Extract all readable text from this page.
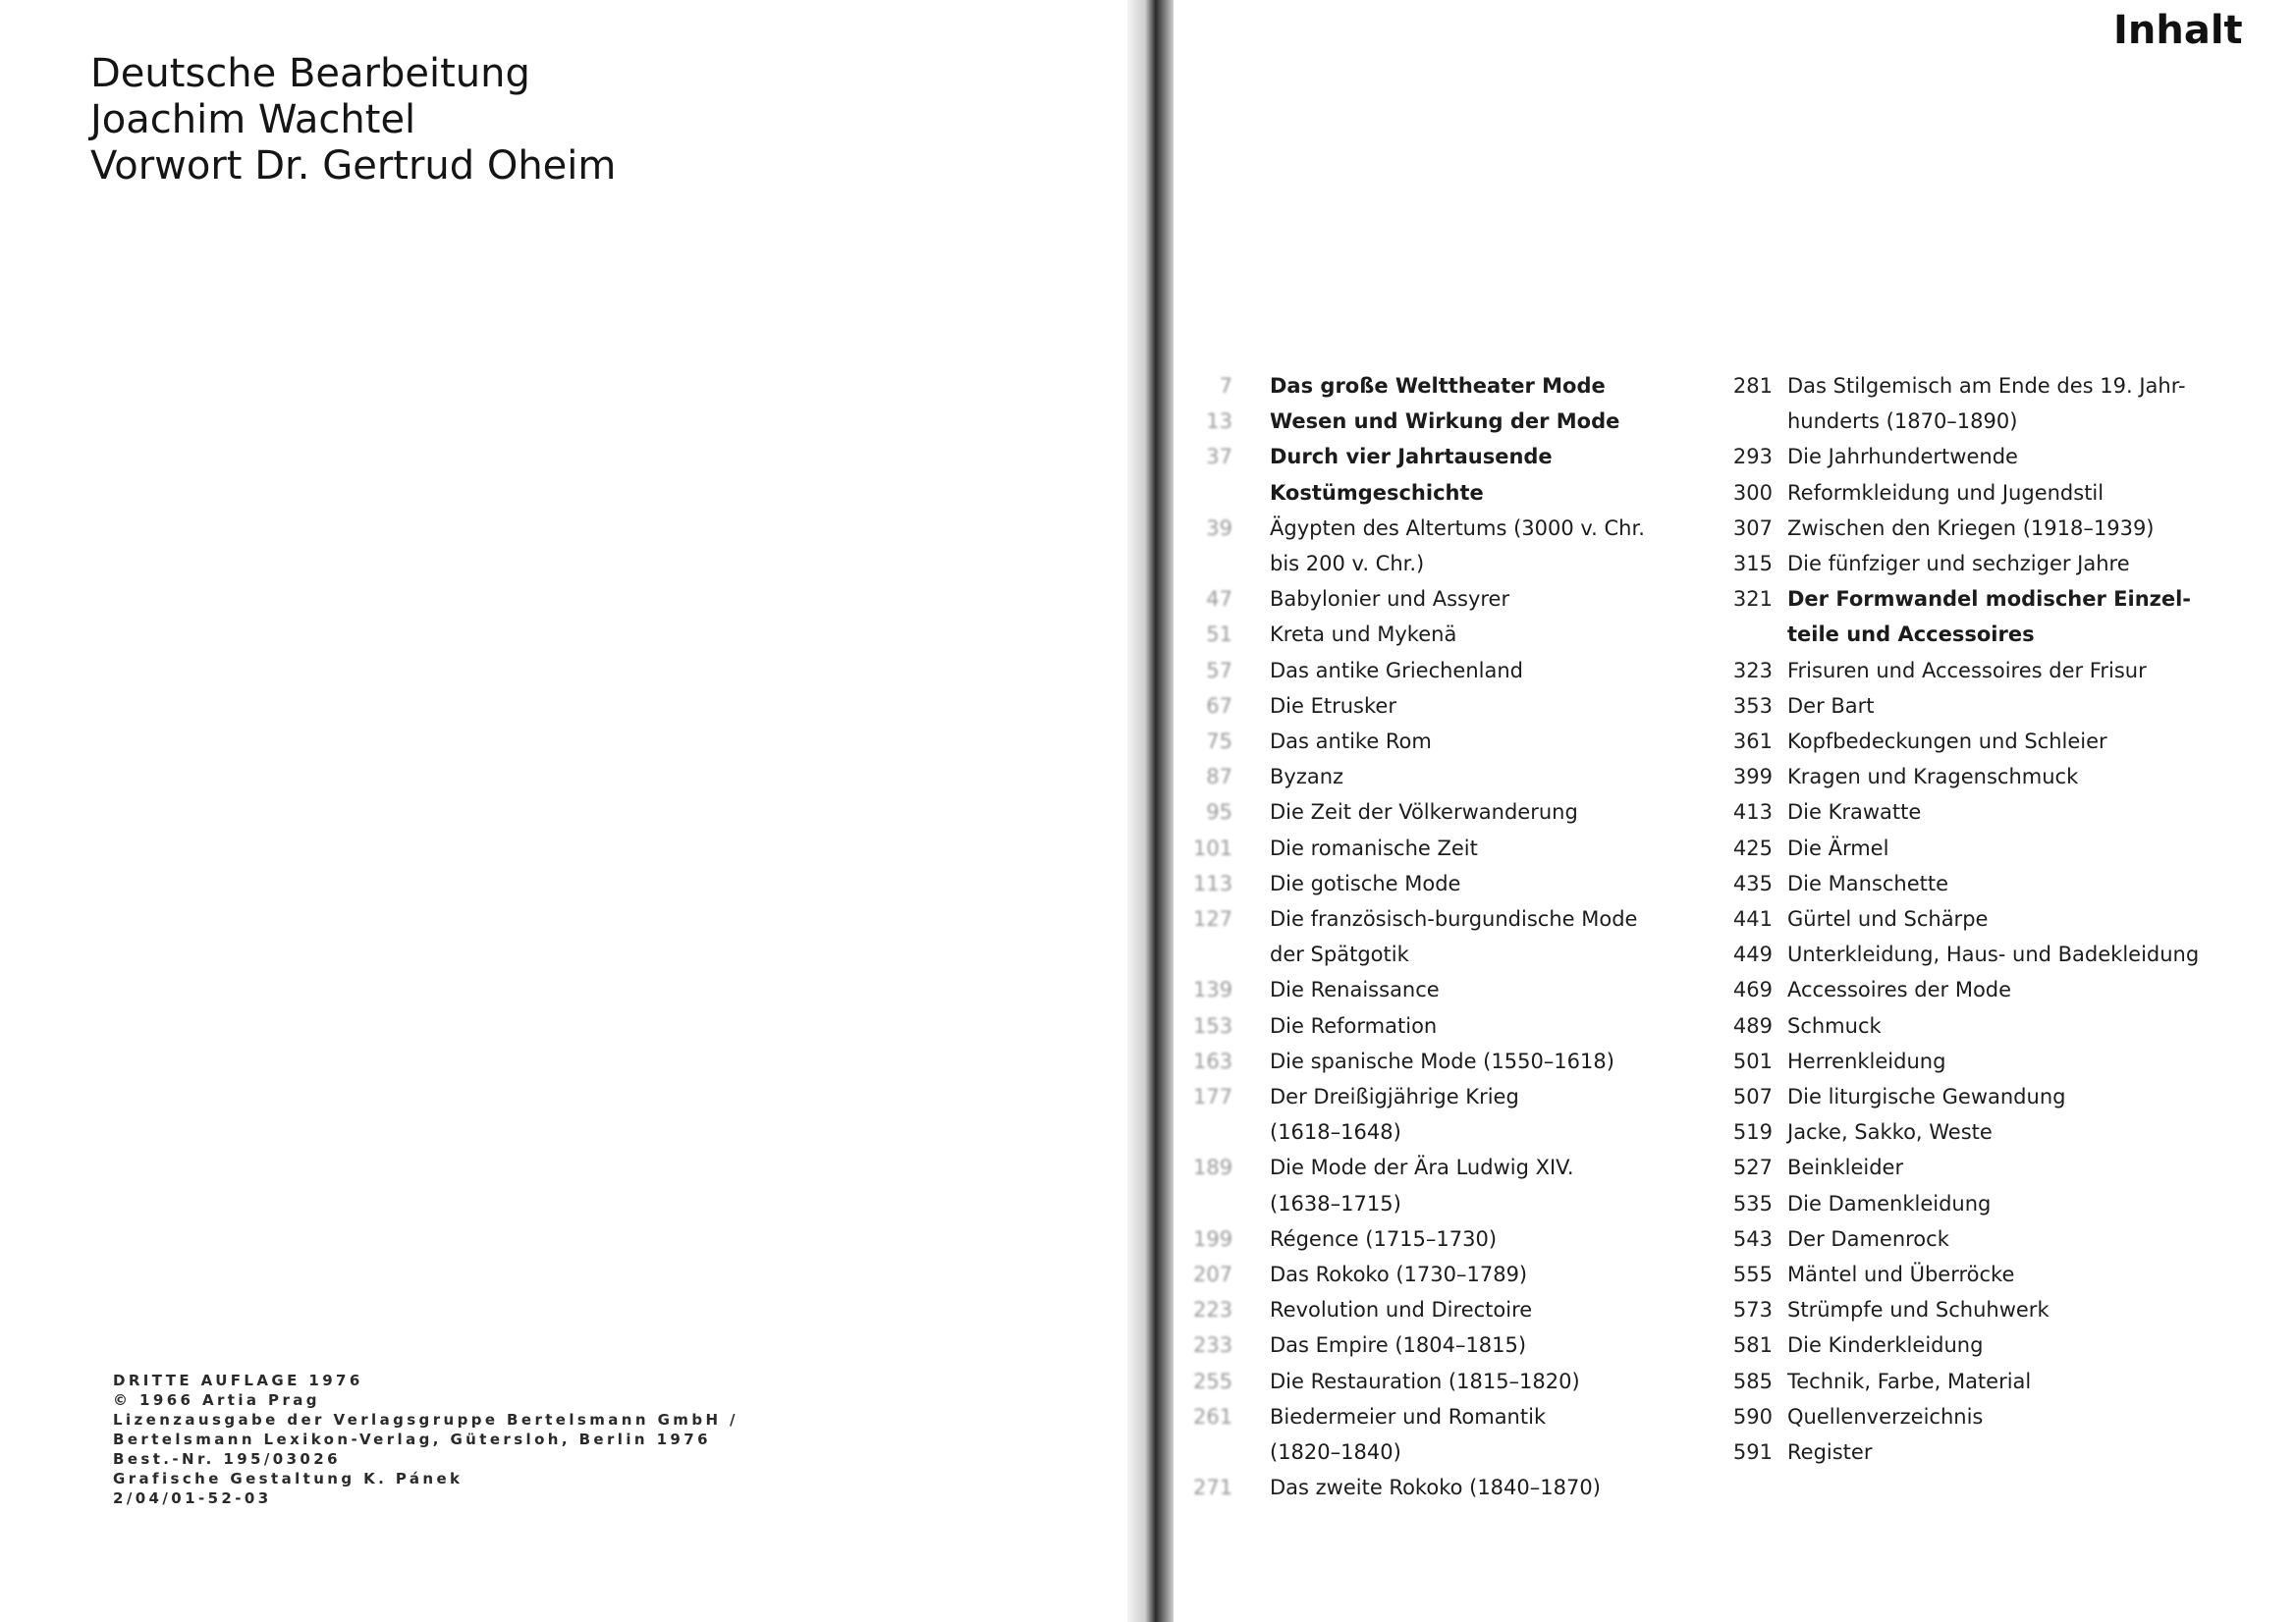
Deutsche Bearbeitung
Joachim Wachtel
Vorwort Dr. Gertrud Oheim
DRITTE AUFLAGE 1976
© 1966 Artia Prag
Lizenzausgabe der Verlagsgruppe Bertelsmann GmbH /
Bertelsmann Lexikon-Verlag, Gütersloh, Berlin 1976
Best.-Nr. 195/03026
Grafische Gestaltung K. Pánek
2/04/01-52-03
Inhalt
7	Das große Welttheater Mode
13	Wesen und Wirkung der Mode
37	Durch vier Jahrtausende
Kostümgeschichte
39	Ägypten des Altertums (3000 v. Chr.
bis 200 v. Chr.)
47	Babylonier und Assyrer
51	Kreta und Mykenä
57	Das antike Griechenland
67	Die Etrusker
75	Das antike Rom
87	Byzanz
95	Die Zeit der Völkerwanderung
101	Die romanische Zeit
113	Die gotische Mode
127	Die französisch-burgundische Mode
der Spätgotik
139	Die Renaissance
153	Die Reformation
163	Die spanische Mode (1550–1618)
177	Der Dreißigjährige Krieg
(1618–1648)
189	Die Mode der Ära Ludwig XIV.
(1638–1715)
199	Régence (1715–1730)
207	Das Rokoko (1730–1789)
223	Revolution und Directoire
233	Das Empire (1804–1815)
255	Die Restauration (1815–1820)
261	Biedermeier und Romantik
(1820–1840)
271	Das zweite Rokoko (1840–1870)
281 Das Stilgemisch am Ende des 19. Jahr-
hunderts (1870–1890)
293 Die Jahrhundertwende
300 Reformkleidung und Jugendstil
307 Zwischen den Kriegen (1918–1939)
315 Die fünfziger und sechziger Jahre
321 Der Formwandel modischer Einzel-
teile und Accessoires
323 Frisuren und Accessoires der Frisur
353 Der Bart
361 Kopfbedeckungen und Schleier
399 Kragen und Kragenschmuck
413 Die Krawatte
425 Die Ärmel
435 Die Manschette
441 Gürtel und Schärpe
449 Unterkleidung, Haus- und Badekleidung
469 Accessoires der Mode
489 Schmuck
501 Herrenkleidung
507 Die liturgische Gewandung
519 Jacke, Sakko, Weste
527 Beinkleider
535 Die Damenkleidung
543 Der Damenrock
555 Mäntel und Überröcke
573 Strümpfe und Schuhwerk
581 Die Kinderkleidung
585 Technik, Farbe, Material
590 Quellenverzeichnis
591 Register
